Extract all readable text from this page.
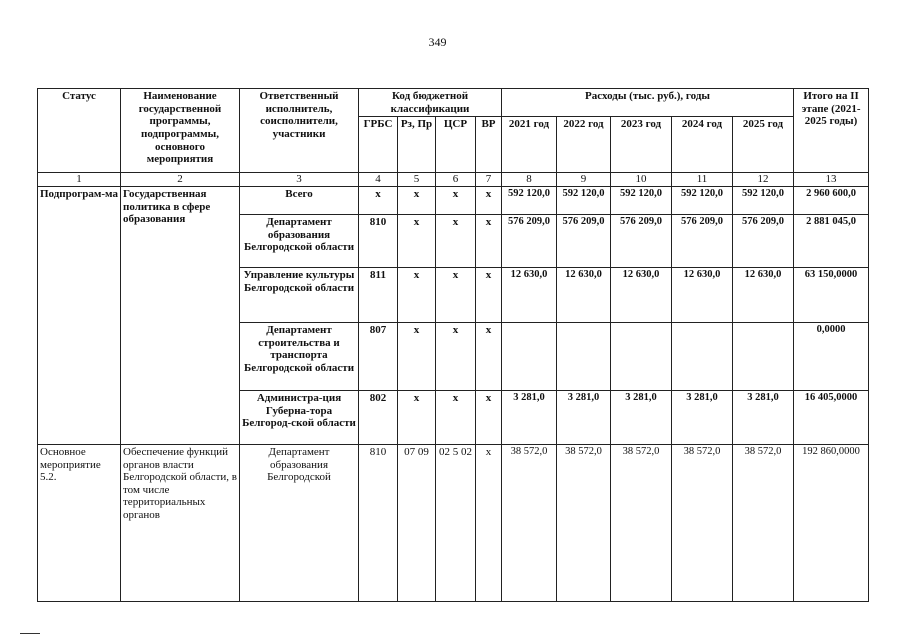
349
Статус	Наименование государственной программы, подпрограммы, основного мероприятия	Ответственный исполнитель, соисполнители, участники	Код бюджетной классификации				Расходы (тыс. руб.), годы					Итого на II этапе (2021-2025 годы)
			ГРБС	Рз, Пр	ЦСР	ВР	2021 год	2022 год	2023 год	2024 год	2025 год	
1	2	3	4	5	6	7	8	9	10	11	12	13
Подпрограм-ма	Государственная политика в сфере образования	Всего	х	х	х	х	592 120,0	592 120,0	592 120,0	592 120,0	592 120,0	2 960 600,0
		Департамент образования Белгородской области	810	х	х	х	576 209,0	576 209,0	576 209,0	576 209,0	576 209,0	2 881 045,0
		Управление культуры Белгородской области	811	х	х	х	12 630,0	12 630,0	12 630,0	12 630,0	12 630,0	63 150,0000
		Департамент строительства и транспорта Белгородской области	807	х	х	х						0,0000
		Администра-ция Губерна-тора Белгород-ской области	802	х	х	х	3 281,0	3 281,0	3 281,0	3 281,0	3 281,0	16 405,0000
Основное мероприятие 5.2.	Обеспечение функций органов власти Белгородской области, в том числе территориальных органов	Департамент образования Белгородской	810	07 09	02 5 02	х	38 572,0	38 572,0	38 572,0	38 572,0	38 572,0	192 860,0000
